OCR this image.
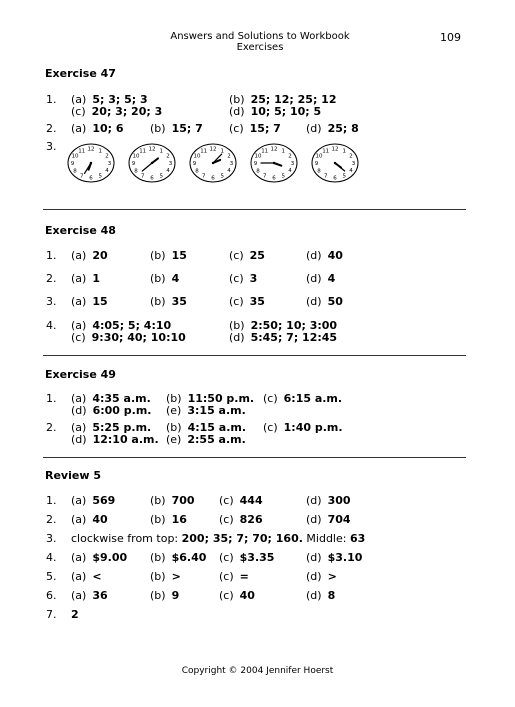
Answers and Solutions to Workbook Exercises
109
Exercise 47
1.	(a) 5; 3; 5; 3	(b) 25; 12; 25; 12
(c) 20; 3; 20; 3	(d) 10; 5; 10; 5
2.	(a) 10; 6 (b) 15; 7 (c) 15; 7 (d) 25; 8
3.	1
2
3
4
5
6
7
8
9
10
11 12	1
2
3
4
5
6
7
8
9
10
11 12	1
2
3
4
5
6
7
8
9
10
11 12	1
2
3
4
5
6
7
8
9
10
11 12	1
2
3
4
5
6
7
8
9
10
11 12
Exercise 48
1.	(a) 20	(b) 15	(c) 25	(d) 40
2.	(a) 1	(b) 4	(c) 3	(d) 4
3.	(a) 15	(b) 35	(c) 35	(d) 50
4.	(a) 4:05; 5; 4:10	(b) 2:50; 10; 3:00
(c) 9:30; 40; 10:10	(d) 5:45; 7; 12:45
Exercise 49
1.	(a) 4:35 a.m. (b) 11:50 p.m. (c) 6:15 a.m.
(d) 6:00 p.m. (e) 3:15 a.m.
2.	(a) 5:25 p.m. (b) 4:15 a.m. (c) 1:40 p.m.
(d) 12:10 a.m. (e) 2:55 a.m.
Review 5
1.	(a) 569	(b) 700 (c) 444	(d) 300
2.	(a) 40	(b) 16	(c) 826	(d) 704
3.	clockwise from top: 200; 35; 7; 70; 160. Middle: 63
4.	(a) $9.00 (b) $6.40 (c) $3.35	(d) $3.10
5.	(a) <	(b) >	(c) =	(d) >
6.	(a) 36	(b) 9	(c) 40	(d) 8
7.	2
Copyright © 2004 Jennifer Hoerst
